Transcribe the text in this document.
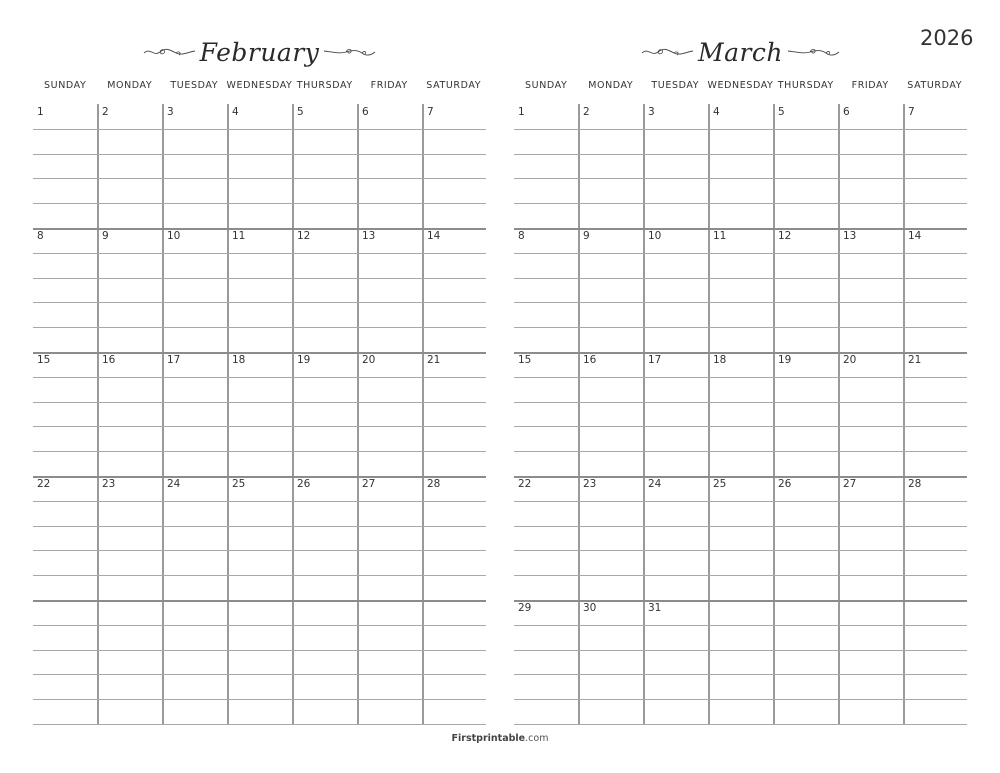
2026
February
SUNDAY	MONDAY	TUESDAY WEDNESDAY THURSDAY	FRIDAY	SATURDAY
1	2	3	4	5	6	7
8	9	10	11	12	13	14
15	16	17	18	19	20	21
22	23	24	25	26	27	28
March
SUNDAY	MONDAY	TUESDAY WEDNESDAY THURSDAY	FRIDAY	SATURDAY
1	2	3	4	5	6	7
8	9	10	11	12	13	14
15	16	17	18	19	20	21
22	23	24	25	26	27	28
29	30	31
Firstprintable.com
